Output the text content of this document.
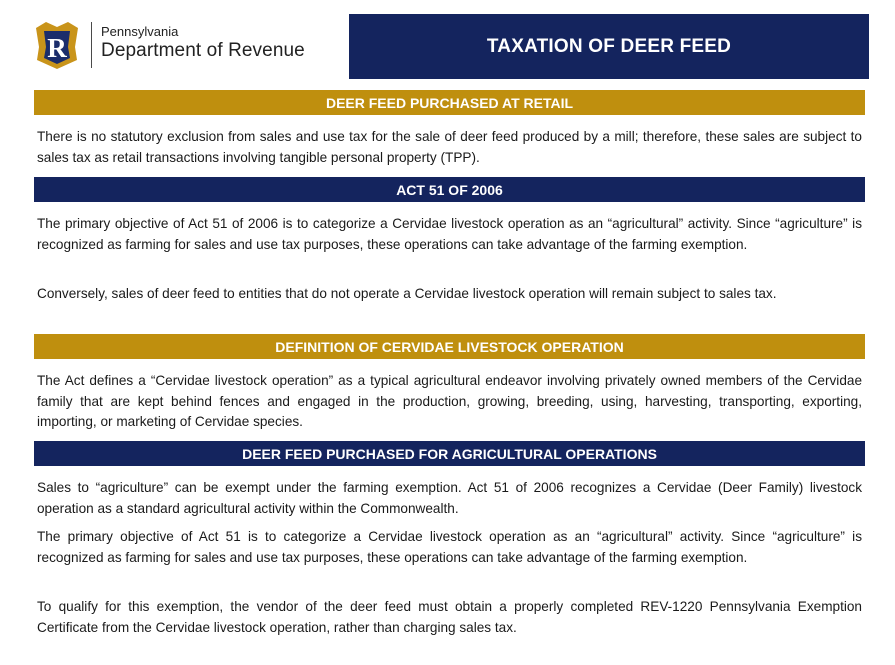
R
Pennsylvania
Department of Revenue	TAXATION OF DEER FEED
DEER FEED PURCHASED AT RETAIL

There is no statutory exclusion from sales and use tax for the sale of deer feed produced by a mill; therefore, these sales are subject to sales tax as retail transactions involving tangible personal property (TPP).

ACT 51 OF 2006

The primary objective of Act 51 of 2006 is to categorize a Cervidae livestock operation as an “agricultural” activity. Since “agriculture” is recognized as farming for sales and use tax purposes, these operations can take advantage of the farming exemption.

Conversely, sales of deer feed to entities that do not operate a Cervidae livestock operation will remain subject to sales tax.

DEFINITION OF CERVIDAE LIVESTOCK OPERATION

The Act defines a “Cervidae livestock operation” as a typical agricultural endeavor involving privately owned members of the Cervidae family that are kept behind fences and engaged in the production, growing, breeding, using, harvesting, transporting, exporting, importing, or marketing of Cervidae species.

DEER FEED PURCHASED FOR AGRICULTURAL OPERATIONS

Sales to “agriculture” can be exempt under the farming exemption. Act 51 of 2006 recognizes a Cervidae (Deer Family) livestock operation as a standard agricultural activity within the Commonwealth.

The primary objective of Act 51 is to categorize a Cervidae livestock operation as an “agricultural” activity. Since “agriculture” is recognized as farming for sales and use tax purposes, these operations can take advantage of the farming exemption.

To qualify for this exemption, the vendor of the deer feed must obtain a properly completed REV-1220 Pennsylvania Exemption Certificate from the Cervidae livestock operation, rather than charging sales tax.
